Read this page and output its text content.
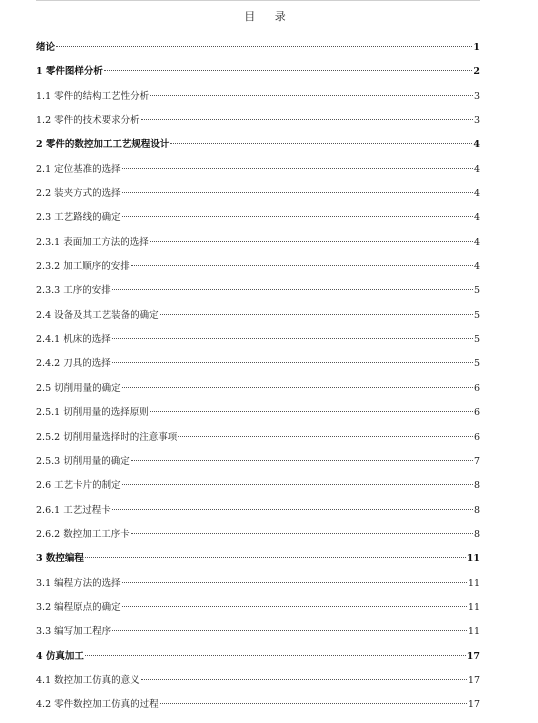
目 录
绪论	1
1 零件图样分析	2
1.1 零件的结构工艺性分析	3
1.2 零件的技术要求分析	3
2 零件的数控加工工艺规程设计	4
2.1 定位基准的选择	4
2.2 装夹方式的选择	4
2.3 工艺路线的确定	4
2.3.1 表面加工方法的选择	4
2.3.2 加工顺序的安排	4
2.3.3 工序的安排	5
2.4 设备及其工艺装备的确定	5
2.4.1 机床的选择	5
2.4.2 刀具的选择	5
2.5 切削用量的确定	6
2.5.1 切削用量的选择原则	6
2.5.2 切削用量选择时的注意事项	6
2.5.3 切削用量的确定	7
2.6 工艺卡片的制定	8
2.6.1 工艺过程卡	8
2.6.2 数控加工工序卡	8
3 数控编程	11
3.1 编程方法的选择	11
3.2 编程原点的确定	11
3.3 编写加工程序	11
4 仿真加工	17
4.1 数控加工仿真的意义	17
4.2 零件数控加工仿真的过程	17
